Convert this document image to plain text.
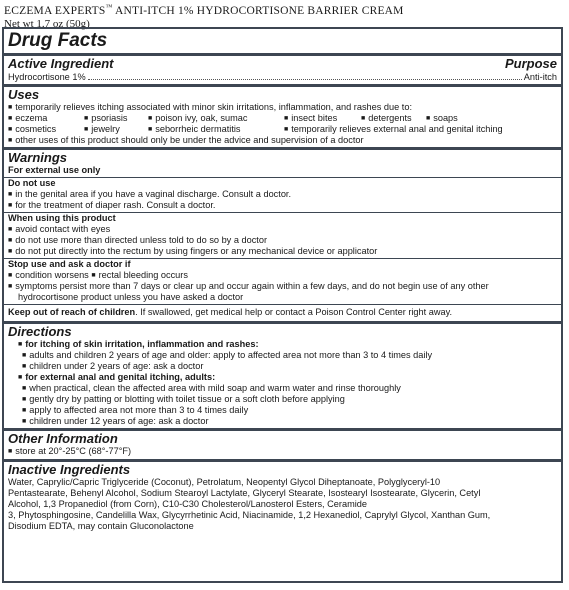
ECZEMA EXPERTS™ ANTI-ITCH 1% HYDROCORTISONE BARRIER CREAM
Net wt 1.7 oz (50g)
Drug Facts
Active Ingredient	Purpose
Hydrocortisone 1%	Anti-itch
Uses
■ temporarily relieves itching associated with minor skin irritations, inflammation, and rashes due to:
■ eczema	■ psoriasis	■ poison ivy, oak, sumac	■ insect bites	■ detergents	■ soaps
■ cosmetics	■ jewelry	■ seborrheic dermatitis	■ temporarily relieves external anal and genital itching
■ other uses of this product should only be under the advice and supervision of a doctor
Warnings
For external use only
Do not use
■ in the genital area if you have a vaginal discharge. Consult a doctor.
■ for the treatment of diaper rash. Consult a doctor.
When using this product
■ avoid contact with eyes
■ do not use more than directed unless told to do so by a doctor
■ do not put directly into the rectum by using fingers or any mechanical device or applicator
Stop use and ask a doctor if
■ condition worsens ■ rectal bleeding occurs
■ symptoms persist more than 7 days or clear up and occur again within a few days, and do not begin use of any other
hydrocortisone product unless you have asked a doctor
Keep out of reach of children. If swallowed, get medical help or contact a Poison Control Center right away.
Directions
■ for itching of skin irritation, inflammation and rashes:
■ adults and children 2 years of age and older: apply to affected area not more than 3 to 4 times daily
■ children under 2 years of age: ask a doctor
■ for external anal and genital itching, adults:
■ when practical, clean the affected area with mild soap and warm water and rinse thoroughly
■ gently dry by patting or blotting with toilet tissue or a soft cloth before applying
■ apply to affected area not more than 3 to 4 times daily
■ children under 12 years of age: ask a doctor
Other Information
■ store at 20°-25°C (68°-77°F)
Inactive Ingredients
Water, Caprylic/Capric Triglyceride (Coconut), Petrolatum, Neopentyl Glycol Diheptanoate, Polyglyceryl-10
Pentastearate, Behenyl Alcohol, Sodium Stearoyl Lactylate, Glyceryl Stearate, Isostearyl Isostearate, Glycerin, Cetyl
Alcohol, 1,3 Propanediol (from Corn), C10-C30 Cholesterol/Lanosterol Esters, Ceramide
3, Phytosphingosine, Candelilla Wax, Glycyrrhetinic Acid, Niacinamide, 1,2 Hexanediol, Caprylyl Glycol, Xanthan Gum,
Disodium EDTA, may contain Gluconolactone
